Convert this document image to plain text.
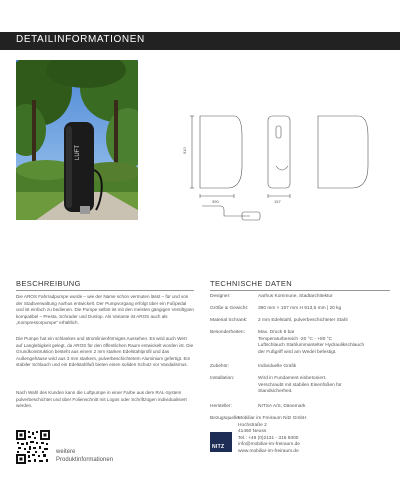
DETAILINFORMATIONEN
LUFT	910
390	157
BESCHREIBUNG

Die AROS Fahrradpumpe wurde – wie der Name schon vermuten lässt – für und von der Stadtverwaltung Aarhus entwickelt. Der Pumpvorgang erfolgt über ein Fußpedal und ist einfach zu bedienen. Die Pumpe selbst ist mit den meisten gängigen Ventiltypen kompatibel – Presta, Schrader und Dunlop. Als Variante ist AROS auch als „Kompressorpumpe“ erhältlich.

Die Pumpe hat ein schlankes und stromlinienförmiges Aussehen. Es wird auch Wert auf Langlebigkeit gelegt, da AROS für den öffentlichen Raum entwickelt worden ist. Die Grundkonstruktion besteht aus einem 2 mm starken Edelstahlprofil und das Außengehäuse wird aus 3 mm starkem, pulverbeschichtetem Aluminium gefertigt. Ein stabiler Schlauch und ein Edelstahlfuß bieten einen soliden Schutz vor Vandalismus.

Nach Wahl des Kunden kann die Luftpumpe in einer Farbe aus dem RAL-System pulverbeschichtet und über Folienschnitt mit Logos oder Schriftzügen individualisiert werden.

TECHNISCHE DATEN
Designer:	Aarhus Kommune, Stadtarchitektur
Größe & Gewicht: 390 mm × 157 mm H 913,5 mm | 20 kg
Material Schrank: 2 mm Edelstahl, pulverbeschichteter Stahl
Besonderheiten:	Max. Druck 8 bar
Temperaturbereich -20 °C - +80 °C
Luftschlauch Stahlummantelter Hydraulikschlauch
der Fußgriff wird am Wedel befestigt.
Zubehör:	Individuelle Grafik
Installation:	Wird in Fundament einbetoniert.
Verschraubt mit stabilen Eisenfüßen für
Standsicherheit.
Hersteller:	NITSA A/S, Dänemark
Bezugsquelle:
Mobiliar im Freiraum Nitz GmbH
Hochstraße 2
41460 Neuss
Tel.: +49 (0)2131 - 316 9300
info@mobiliar-im-freiraum.de
www.mobiliar-im-freiraum.de
NITZ
weitere
Produktinformationen
